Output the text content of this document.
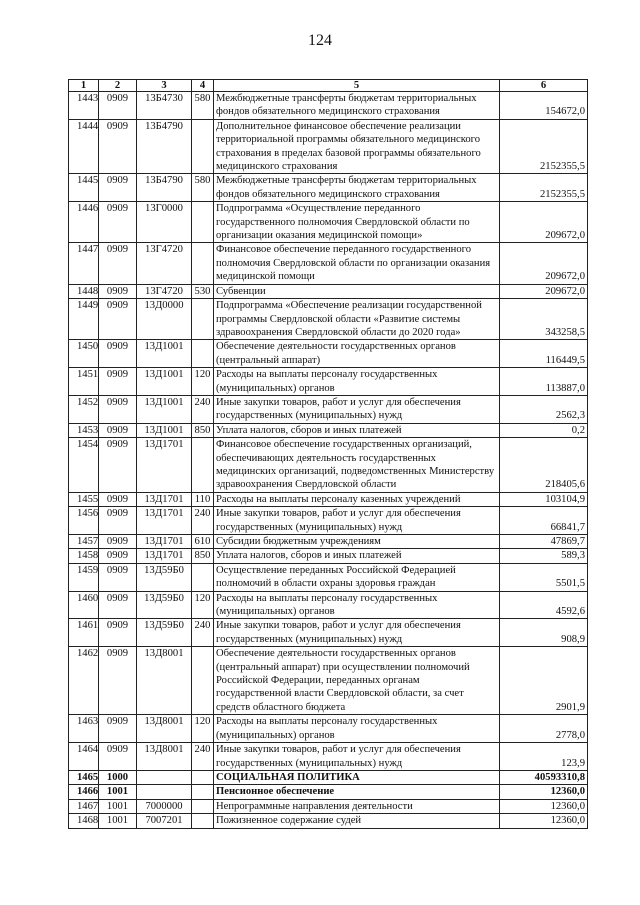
124
1	2	3	4	5	6
1443	0909	13Б4730	580	Межбюджетные трансферты бюджетам территориальных фондов обязательного медицинского страхования	154672,0
1444	0909	13Б4790		Дополнительное финансовое обеспечение реализации территориальной программы обязательного медицинского страхования в пределах базовой программы обязательного медицинского страхования	2152355,5
1445	0909	13Б4790	580	Межбюджетные трансферты бюджетам территориальных фондов обязательного медицинского страхования	2152355,5
1446	0909	13Г0000		Подпрограмма «Осуществление переданного государственного полномочия Свердловской области по организации оказания медицинской помощи»	209672,0
1447	0909	13Г4720		Финансовое обеспечение переданного государственного полномочия Свердловской области по организации оказания медицинской помощи	209672,0
1448	0909	13Г4720	530	Субвенции	209672,0
1449	0909	13Д0000		Подпрограмма «Обеспечение реализации государственной программы Свердловской области «Развитие системы здравоохранения Свердловской области до 2020 года»	343258,5
1450	0909	13Д1001		Обеспечение деятельности государственных органов (центральный аппарат)	116449,5
1451	0909	13Д1001	120	Расходы на выплаты персоналу государственных (муниципальных) органов	113887,0
1452	0909	13Д1001	240	Иные закупки товаров, работ и услуг для обеспечения государственных (муниципальных) нужд	2562,3
1453	0909	13Д1001	850	Уплата налогов, сборов и иных платежей	0,2
1454	0909	13Д1701		Финансовое обеспечение государственных организаций, обеспечивающих деятельность государственных медицинских организаций, подведомственных Министерству здравоохранения Свердловской области	218405,6
1455	0909	13Д1701	110	Расходы на выплаты персоналу казенных учреждений	103104,9
1456	0909	13Д1701	240	Иные закупки товаров, работ и услуг для обеспечения государственных (муниципальных) нужд	66841,7
1457	0909	13Д1701	610	Субсидии бюджетным учреждениям	47869,7
1458	0909	13Д1701	850	Уплата налогов, сборов и иных платежей	589,3
1459	0909	13Д59Б0		Осуществление переданных Российской Федерацией полномочий в области охраны здоровья граждан	5501,5
1460	0909	13Д59Б0	120	Расходы на выплаты персоналу государственных (муниципальных) органов	4592,6
1461	0909	13Д59Б0	240	Иные закупки товаров, работ и услуг для обеспечения государственных (муниципальных) нужд	908,9
1462	0909	13Д8001		Обеспечение деятельности государственных органов (центральный аппарат) при осуществлении полномочий Российской Федерации, переданных органам государственной власти Свердловской области, за счет средств областного бюджета	2901,9
1463	0909	13Д8001	120	Расходы на выплаты персоналу государственных (муниципальных) органов	2778,0
1464	0909	13Д8001	240	Иные закупки товаров, работ и услуг для обеспечения государственных (муниципальных) нужд	123,9
1465	1000			СОЦИАЛЬНАЯ ПОЛИТИКА	40593310,8
1466	1001			Пенсионное обеспечение	12360,0
1467	1001	7000000		Непрограммные направления деятельности	12360,0
1468	1001	7007201		Пожизненное содержание судей	12360,0
